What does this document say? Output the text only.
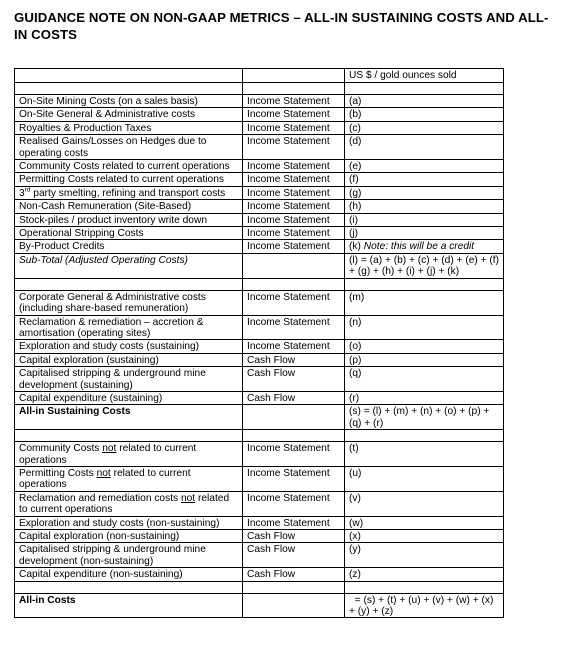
GUIDANCE NOTE ON NON-GAAP METRICS – ALL-IN SUSTAINING COSTS AND ALL-IN COSTS
		US $ / gold ounces sold

On-Site Mining Costs (on a sales basis)	Income Statement	(a)
On-Site General & Administrative costs	Income Statement	(b)
Royalties & Production Taxes	Income Statement	(c)
Realised Gains/Losses on Hedges due to operating costs	Income Statement	(d)
Community Costs related to current operations	Income Statement	(e)
Permitting Costs related to current operations	Income Statement	(f)
3rd party smelting, refining and transport costs	Income Statement	(g)
Non-Cash Remuneration (Site-Based)	Income Statement	(h)
Stock-piles / product inventory write down	Income Statement	(i)
Operational Stripping Costs	Income Statement	(j)
By-Product Credits	Income Statement	(k) Note: this will be a credit
Sub-Total (Adjusted Operating Costs)		(l) = (a) + (b) + (c) + (d) + (e) + (f) + (g) + (h) + (i) + (j) + (k)

Corporate General & Administrative costs (including share-based remuneration)	Income Statement	(m)
Reclamation & remediation – accretion & amortisation (operating sites)	Income Statement	(n)
Exploration and study costs (sustaining)	Income Statement	(o)
Capital exploration (sustaining)	Cash Flow	(p)
Capitalised stripping & underground mine development (sustaining)	Cash Flow	(q)
Capital expenditure (sustaining)	Cash Flow	(r)
All-in Sustaining Costs		(s) = (l) + (m) + (n) + (o) + (p) + (q) + (r)

Community Costs not related to current operations	Income Statement	(t)
Permitting Costs not related to current operations	Income Statement	(u)
Reclamation and remediation costs not related to current operations	Income Statement	(v)
Exploration and study costs (non-sustaining)	Income Statement	(w)
Capital exploration (non-sustaining)	Cash Flow	(x)
Capitalised stripping & underground mine development (non-sustaining)	Cash Flow	(y)
Capital expenditure (non-sustaining)	Cash Flow	(z)

All-in Costs		= (s) + (t) + (u) + (v) + (w) + (x) + (y) + (z)
